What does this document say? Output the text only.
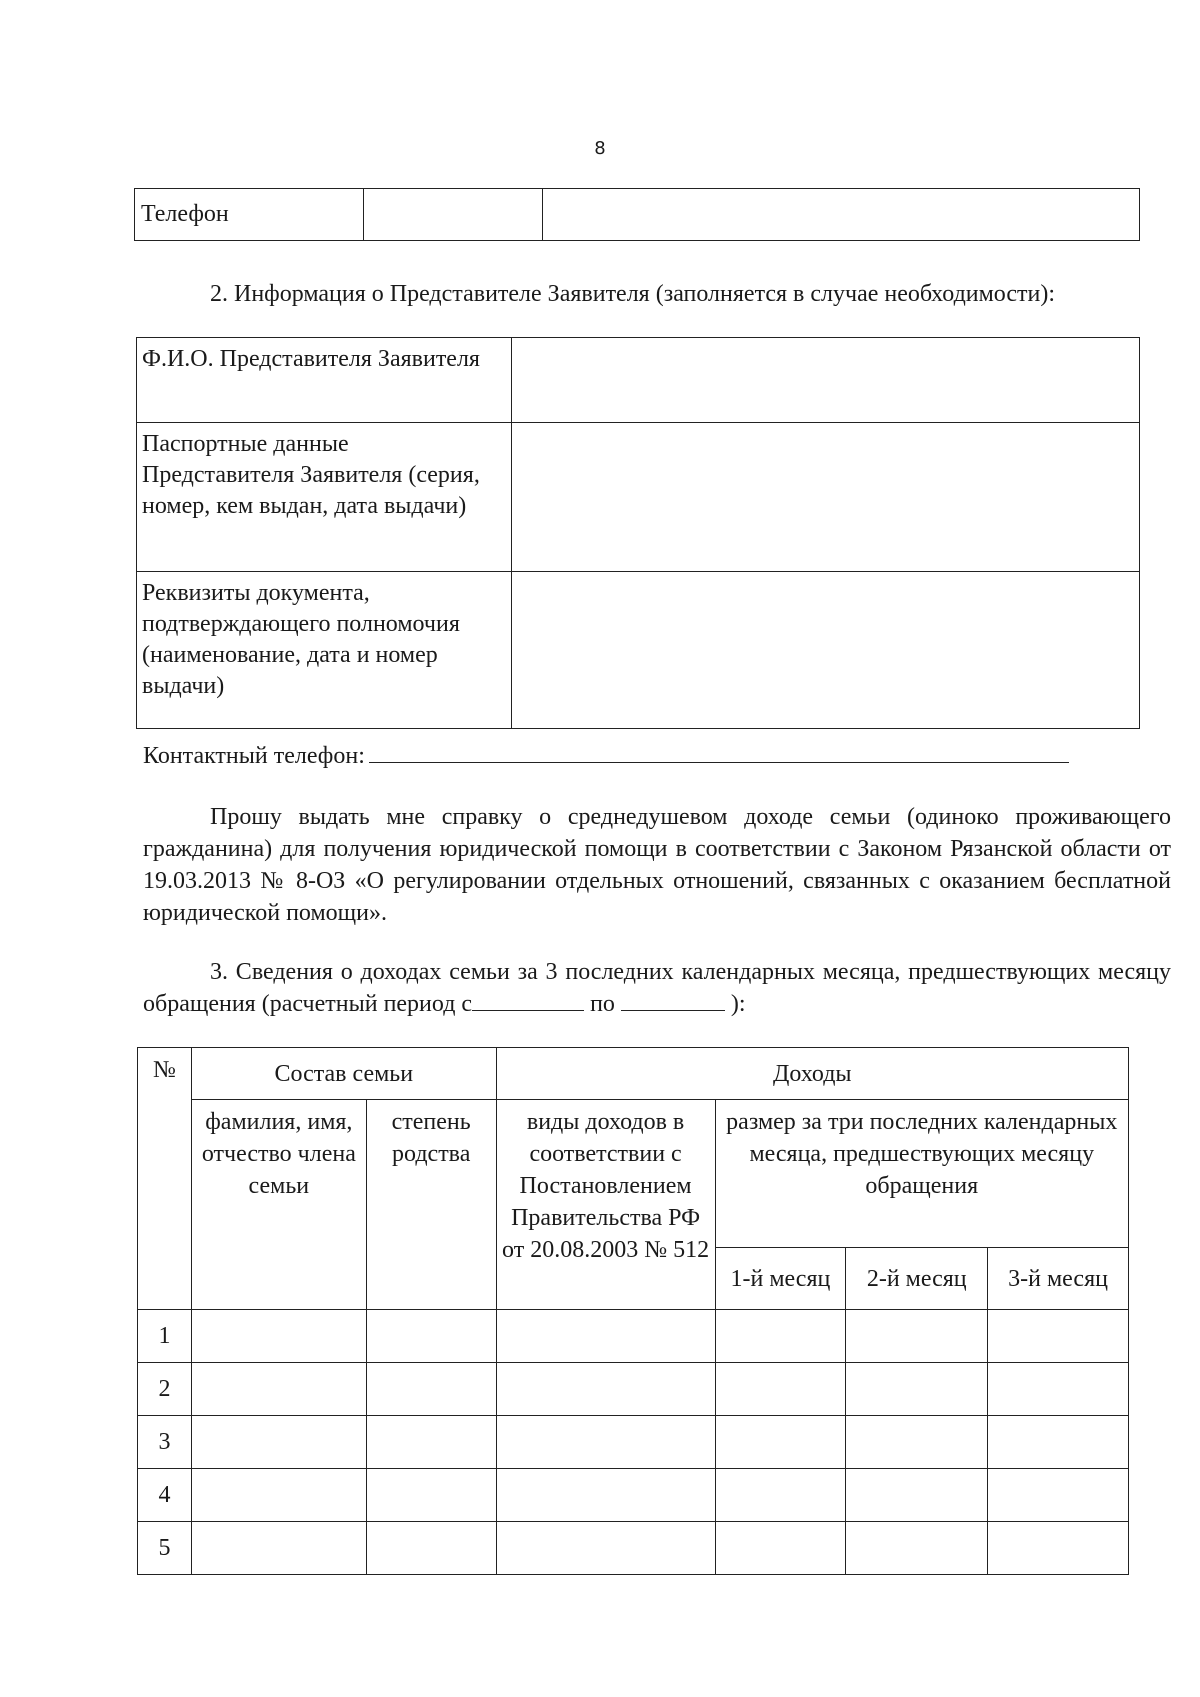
8
Телефон		
2. Информация о Представителе Заявителя (заполняется в случае необходимости):
Ф.И.О. Представителя Заявителя	
Паспортные данные Представителя Заявителя (серия, номер, кем выдан, дата выдачи)	
Реквизиты документа, подтверждающего полномочия (наименование, дата и номер выдачи)	
Контактный телефон:
Прошу выдать мне справку о среднедушевом доходе семьи (одиноко проживающего гражданина) для получения юридической помощи в соответствии с Законом Рязанской области от 19.03.2013 № 8-ОЗ «О регулировании отдельных отношений, связанных с оказанием бесплатной юридической помощи».
3. Сведения о доходах семьи за 3 последних календарных месяца, предшествующих месяцу обращения (расчетный период с	по	):
№	Состав семьи		Доходы			
	фамилия, имя, отчество члена семьи	степень родства	виды доходов в соответствии с Постановлением Правительства РФ от 20.08.2003 № 512	размер за три последних календарных месяца, предшествующих месяцу обращения		
				1-й месяц	2-й месяц	3-й месяц
1						
2						
3						
4						
5						
